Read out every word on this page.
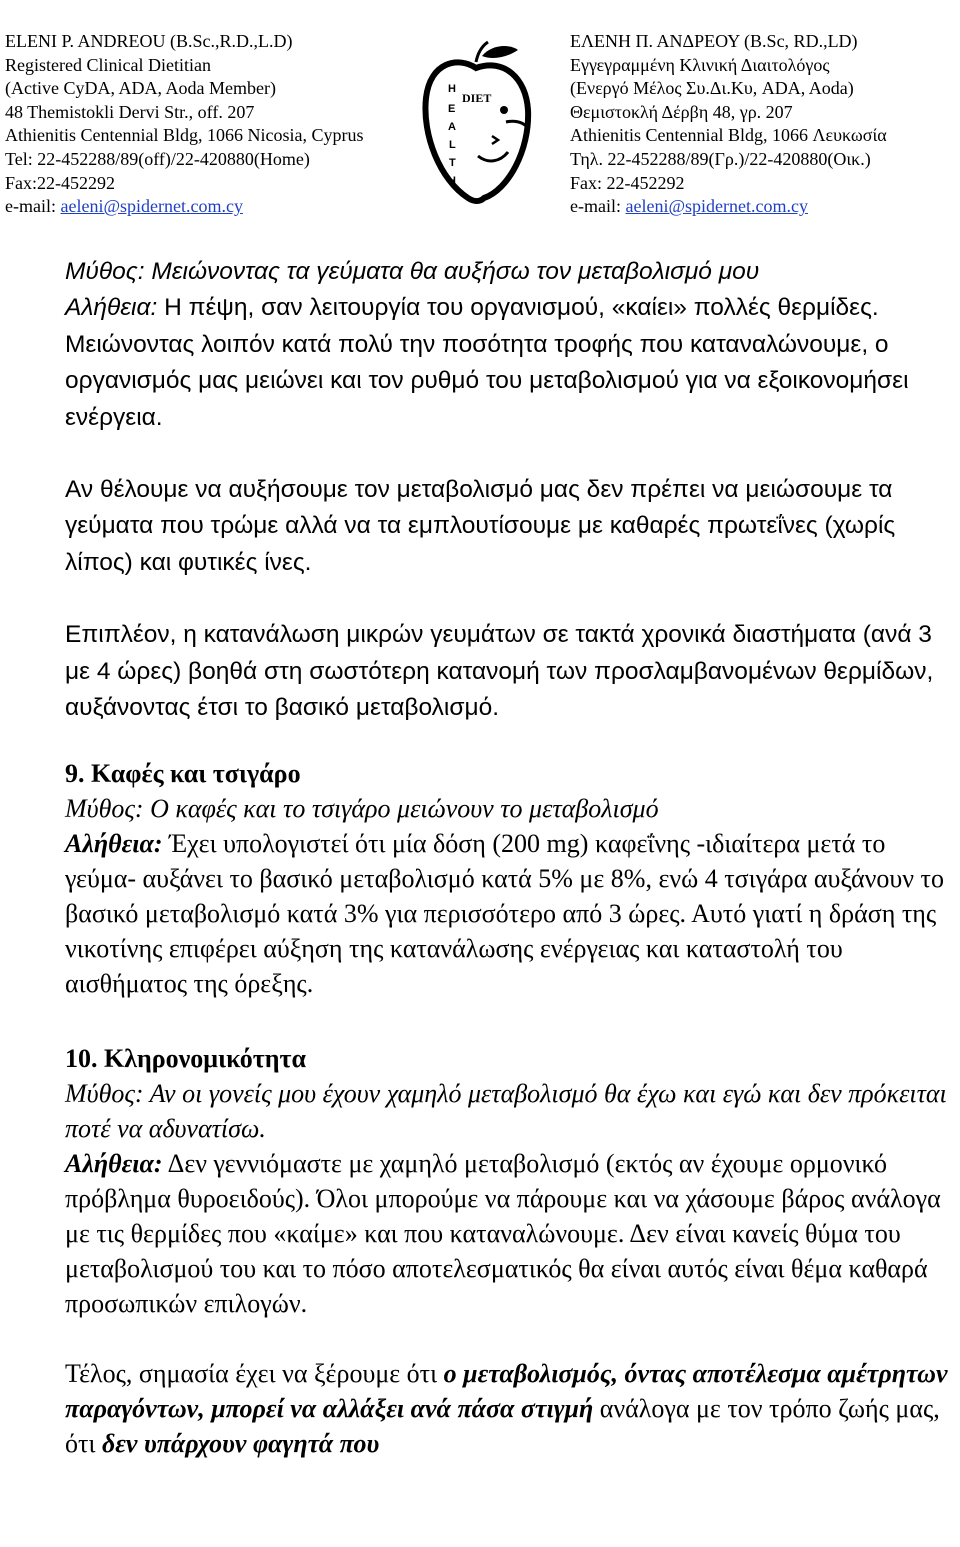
ELENI P. ANDREOU (B.Sc.,R.D.,L.D)
Registered Clinical Dietitian
(Active CyDA, ADA, Aoda Member)
48 Themistokli Dervi Str., off. 207
Athienitis Centennial Bldg, 1066 Nicosia, Cyprus
Tel: 22-452288/89(off)/22-420880(Home)
Fax:22-452292
e-mail: aeleni@spidernet.com.cy
DIET
H
E
A
L
T
H
ΕΛΕΝΗ Π. ΑΝΔΡΕΟΥ (B.Sc, RD.,LD)
Εγγεγραμμένη Κλινική Διαιτολόγος
(Ενεργό Μέλος Συ.Δι.Κυ, ADA, Aoda)
Θεμιστοκλή Δέρβη 48, γρ. 207
Athienitis Centennial Bldg, 1066 Λευκωσία
Τηλ. 22-452288/89(Γρ.)/22-420880(Οικ.)
Fax: 22-452292
e-mail: aeleni@spidernet.com.cy

Μύθος: Μειώνοντας τα γεύματα θα αυξήσω τον μεταβολισμό μου
Αλήθεια: Η πέψη, σαν λειτουργία του οργανισμού, «καίει» πολλές θερμίδες. Μειώνοντας λοιπόν κατά πολύ την ποσότητα τροφής που καταναλώνουμε, ο οργανισμός μας μειώνει και τον ρυθμό του μεταβολισμού για να εξοικονομήσει ενέργεια.

Αν θέλουμε να αυξήσουμε τον μεταβολισμό μας δεν πρέπει να μειώσουμε τα γεύματα που τρώμε αλλά να τα εμπλουτίσουμε με καθαρές πρωτεΐνες (χωρίς λίπος) και φυτικές ίνες.

Επιπλέον, η κατανάλωση μικρών γευμάτων σε τακτά χρονικά διαστήματα (ανά 3 με 4 ώρες) βοηθά στη σωστότερη κατανομή των προσλαμβανομένων θερμίδων, αυξάνοντας έτσι το βασικό μεταβολισμό.

9. Καφές και τσιγάρο
Μύθος: Ο καφές και το τσιγάρο μειώνουν το μεταβολισμό
Αλήθεια: Έχει υπολογιστεί ότι μία δόση (200 mg) καφεΐνης -ιδιαίτερα μετά το γεύμα- αυξάνει το βασικό μεταβολισμό κατά 5% με 8%, ενώ 4 τσιγάρα αυξάνουν το βασικό μεταβολισμό κατά 3% για περισσότερο από 3 ώρες. Αυτό γιατί η δράση της νικοτίνης επιφέρει αύξηση της κατανάλωσης ενέργειας και καταστολή του αισθήματος της όρεξης.

10. Κληρονομικότητα
Μύθος: Αν οι γονείς μου έχουν χαμηλό μεταβολισμό θα έχω και εγώ και δεν πρόκειται ποτέ να αδυνατίσω.
Αλήθεια: Δεν γεννιόμαστε με χαμηλό μεταβολισμό (εκτός αν έχουμε ορμονικό πρόβλημα θυροειδούς). Όλοι μπορούμε να πάρουμε και να χάσουμε βάρος ανάλογα με τις θερμίδες που «καίμε» και που καταναλώνουμε. Δεν είναι κανείς θύμα του μεταβολισμού του και το πόσο αποτελεσματικός θα είναι αυτός είναι θέμα καθαρά προσωπικών επιλογών.

Τέλος, σημασία έχει να ξέρουμε ότι ο μεταβολισμός, όντας αποτέλεσμα αμέτρητων παραγόντων, μπορεί να αλλάξει ανά πάσα στιγμή ανάλογα με τον τρόπο ζωής μας, ότι δεν υπάρχουν φαγητά που
